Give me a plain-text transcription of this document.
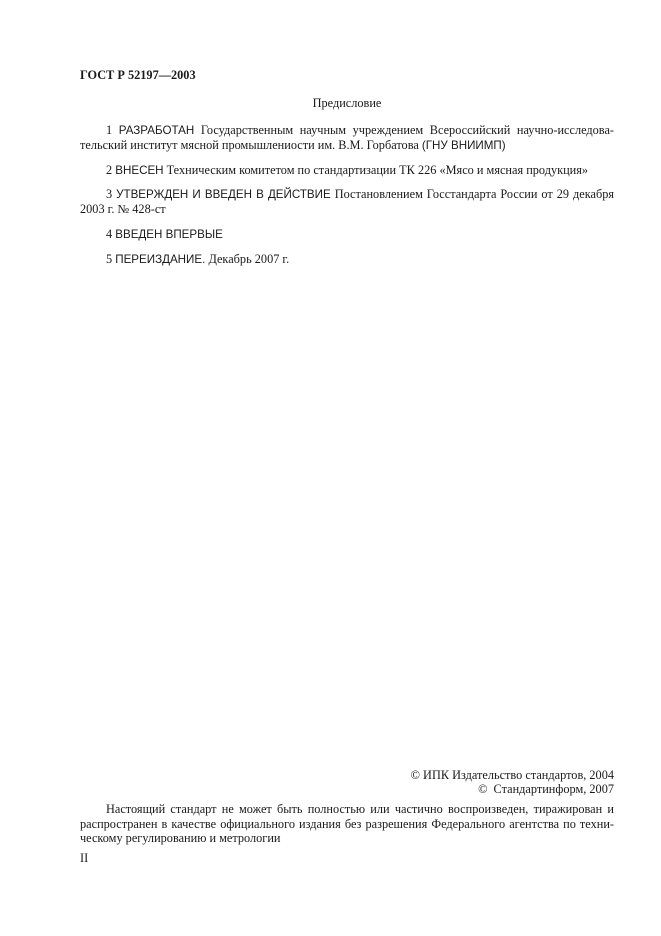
ГОСТ Р 52197—2003
Предисловие
1 РАЗРАБОТАН Государственным научным учреждением Всероссийский научно-исследова-
тельский институт мясной промышлениости им. В.М. Горбатова (ГНУ ВНИИМП)
2 ВНЕСЕН Техническим комитетом по стандартизации ТК 226 «Мясо и мясная продукция»
3 УТВЕРЖДЕН И ВВЕДЕН В ДЕЙСТВИЕ Постановлением Госстандарта России от 29 декабря
2003 г. № 428-ст
4 ВВЕДЕН ВПЕРВЫЕ
5 ПЕРЕИЗДАНИЕ. Декабрь 2007 г.
© ИПК Издательство стандартов, 2004
©  Стандартинформ, 2007
Настоящий стандарт не может быть полностью или частично воспроизведен, тиражирован и
распространен в качестве официального издания без разрешения Федерального агентства по техни-
ческому регулированию и метрологии
II
